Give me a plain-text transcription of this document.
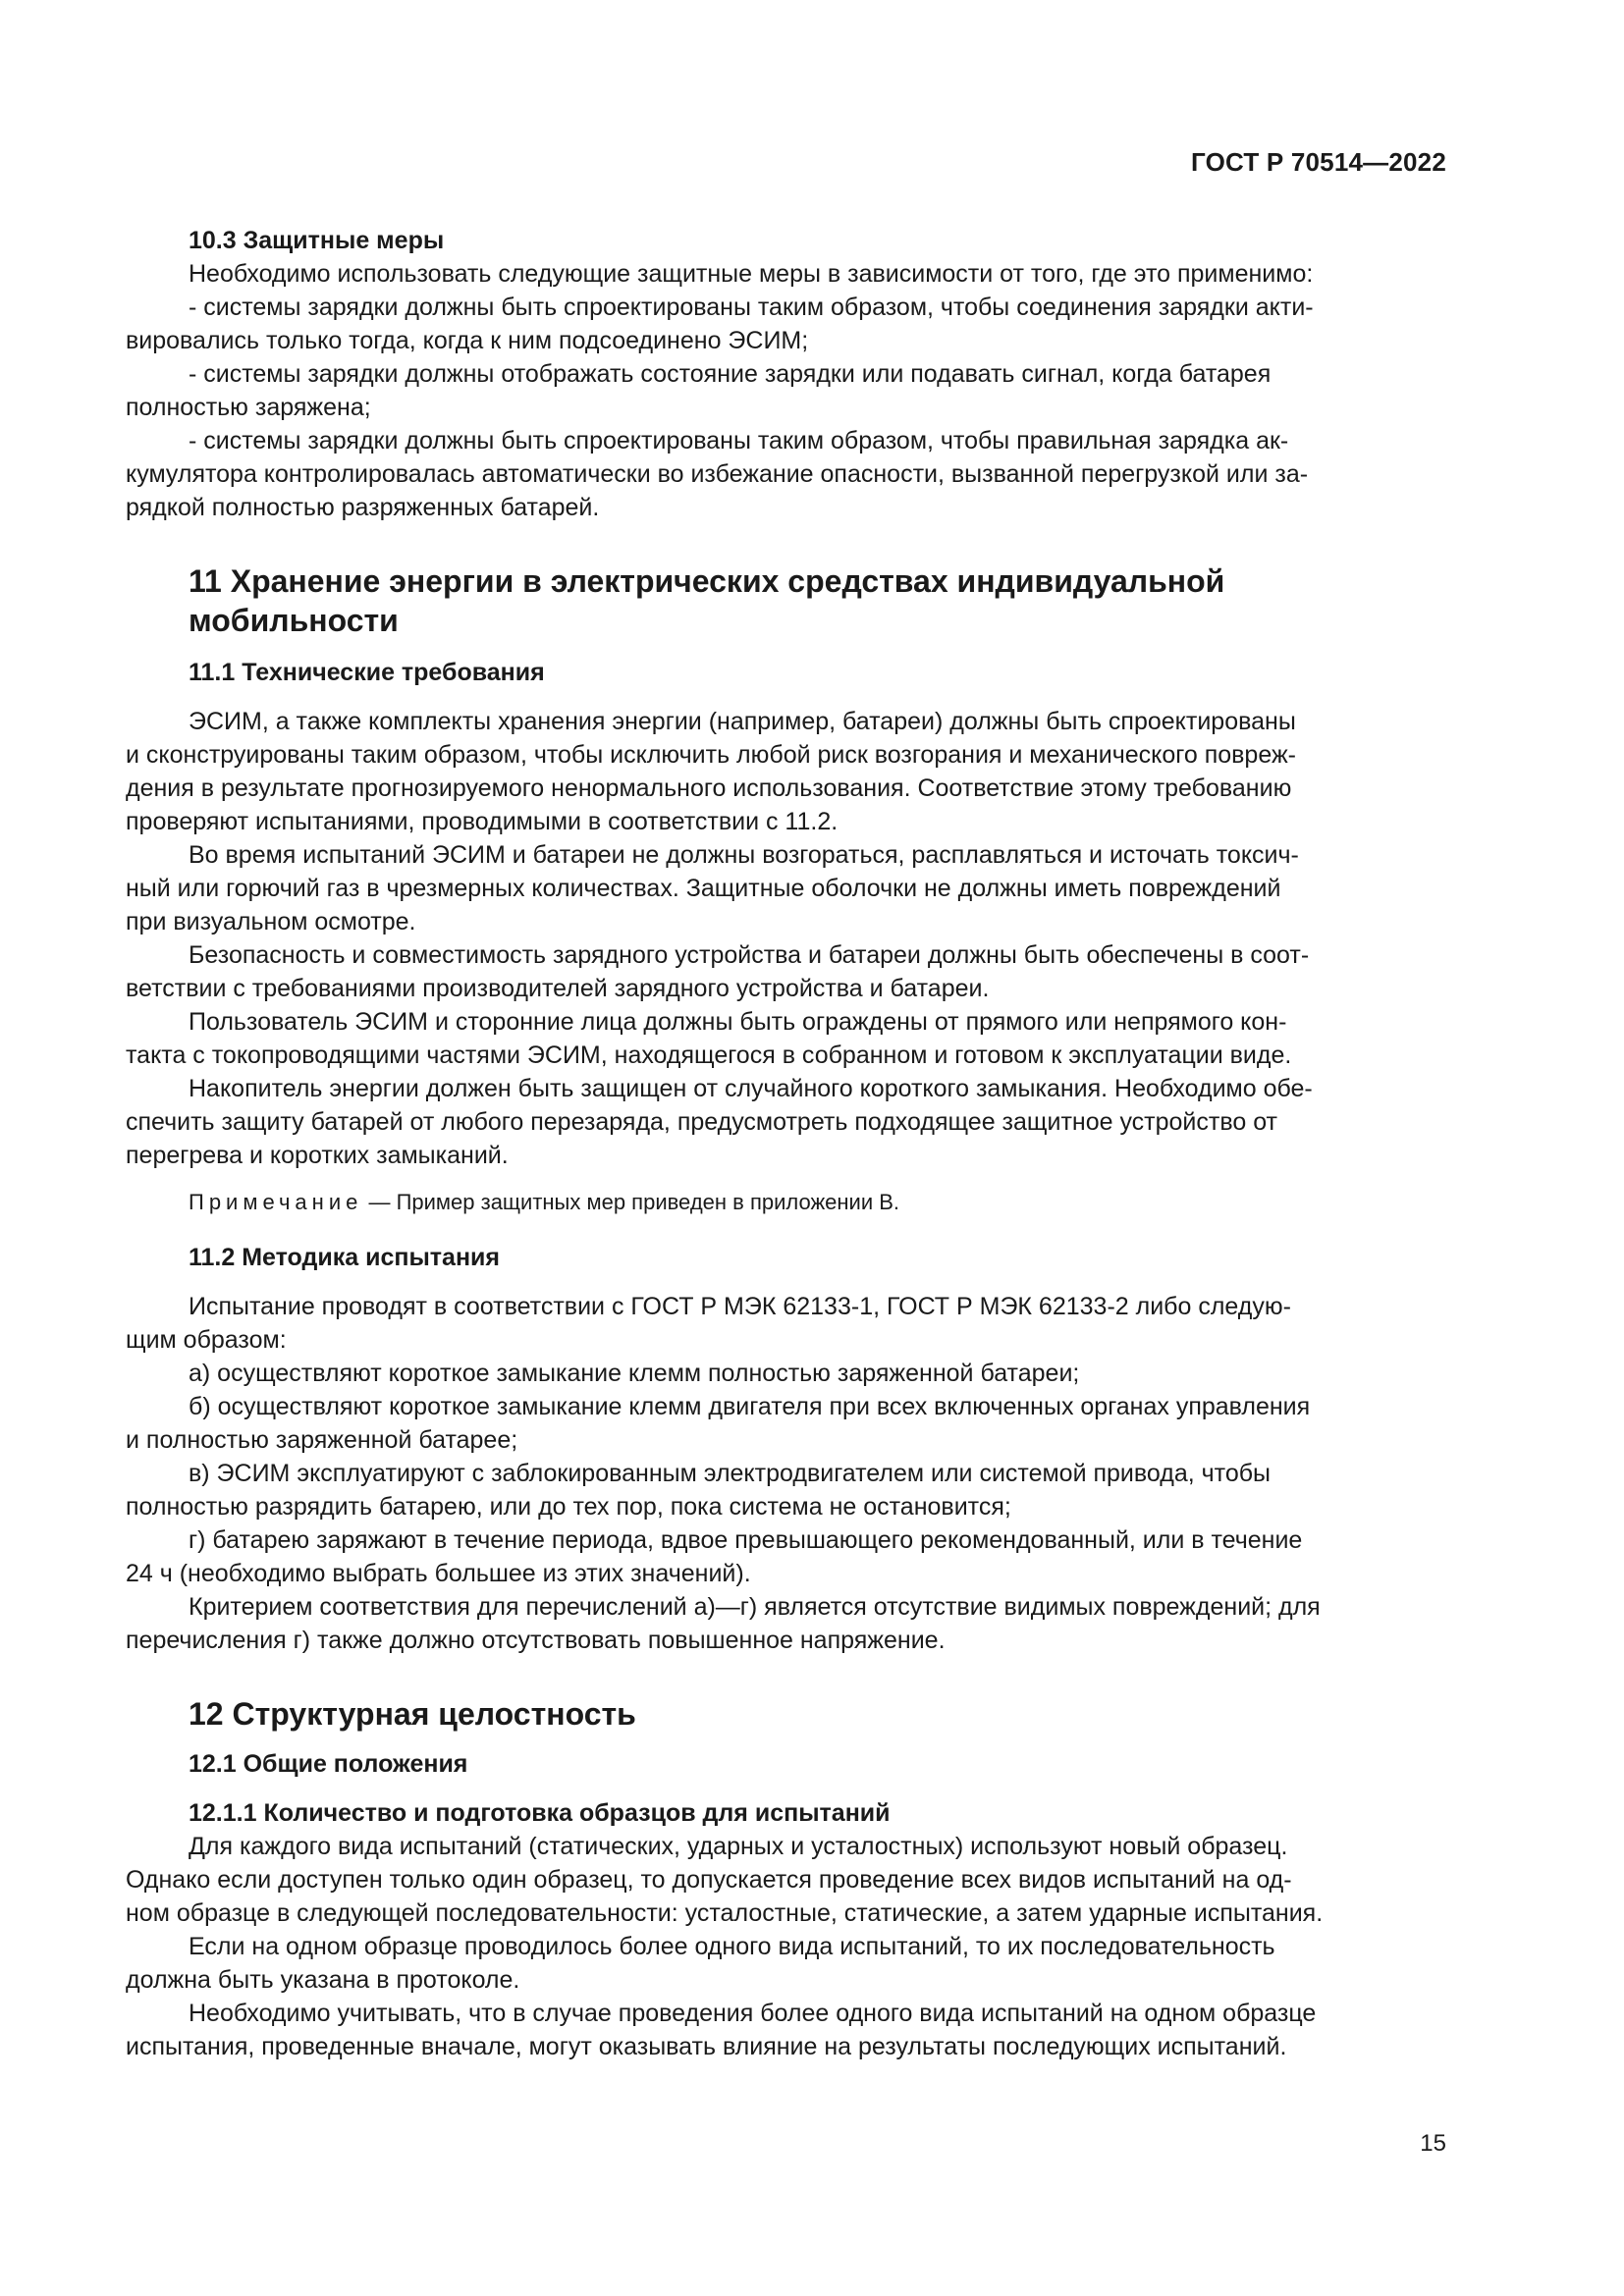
ГОСТ Р 70514—2022
10.3 Защитные меры
Необходимо использовать следующие защитные меры в зависимости от того, где это применимо:
- системы зарядки должны быть спроектированы таким образом, чтобы соединения зарядки акти-
вировались только тогда, когда к ним подсоединено ЭСИМ;
- системы зарядки должны отображать состояние зарядки или подавать сигнал, когда батарея
полностью заряжена;
- системы зарядки должны быть спроектированы таким образом, чтобы правильная зарядка ак-
кумулятора контролировалась автоматически во избежание опасности, вызванной перегрузкой или за-
рядкой полностью разряженных батарей.
11 Хранение энергии в электрических средствах индивидуальной
мобильности
11.1 Технические требования
ЭСИМ, а также комплекты хранения энергии (например, батареи) должны быть спроектированы
и сконструированы таким образом, чтобы исключить любой риск возгорания и механического повреж-
дения в результате прогнозируемого ненормального использования. Соответствие этому требованию
проверяют испытаниями, проводимыми в соответствии с 11.2.
Во время испытаний ЭСИМ и батареи не должны возгораться, расплавляться и источать токсич-
ный или горючий газ в чрезмерных количествах. Защитные оболочки не должны иметь повреждений
при визуальном осмотре.
Безопасность и совместимость зарядного устройства и батареи должны быть обеспечены в соот-
ветствии с требованиями производителей зарядного устройства и батареи.
Пользователь ЭСИМ и сторонние лица должны быть ограждены от прямого или непрямого кон-
такта с токопроводящими частями ЭСИМ, находящегося в собранном и готовом к эксплуатации виде.
Накопитель энергии должен быть защищен от случайного короткого замыкания. Необходимо обе-
спечить защиту батарей от любого перезаряда, предусмотреть подходящее защитное устройство от
перегрева и коротких замыканий.
Примечание — Пример защитных мер приведен в приложении В.
11.2 Методика испытания
Испытание проводят в соответствии с ГОСТ Р МЭК 62133-1, ГОСТ Р МЭК 62133-2 либо следую-
щим образом:
а) осуществляют короткое замыкание клемм полностью заряженной батареи;
б) осуществляют короткое замыкание клемм двигателя при всех включенных органах управления
и полностью заряженной батарее;
в) ЭСИМ эксплуатируют с заблокированным электродвигателем или системой привода, чтобы
полностью разрядить батарею, или до тех пор, пока система не остановится;
г) батарею заряжают в течение периода, вдвое превышающего рекомендованный, или в течение
24 ч (необходимо выбрать большее из этих значений).
Критерием соответствия для перечислений а)—г) является отсутствие видимых повреждений; для
перечисления г) также должно отсутствовать повышенное напряжение.
12 Структурная целостность
12.1 Общие положения
12.1.1 Количество и подготовка образцов для испытаний
Для каждого вида испытаний (статических, ударных и усталостных) используют новый образец.
Однако если доступен только один образец, то допускается проведение всех видов испытаний на од-
ном образце в следующей последовательности: усталостные, статические, а затем ударные испытания.
Если на одном образце проводилось более одного вида испытаний, то их последовательность
должна быть указана в протоколе.
Необходимо учитывать, что в случае проведения более одного вида испытаний на одном образце
испытания, проведенные вначале, могут оказывать влияние на результаты последующих испытаний.
15
